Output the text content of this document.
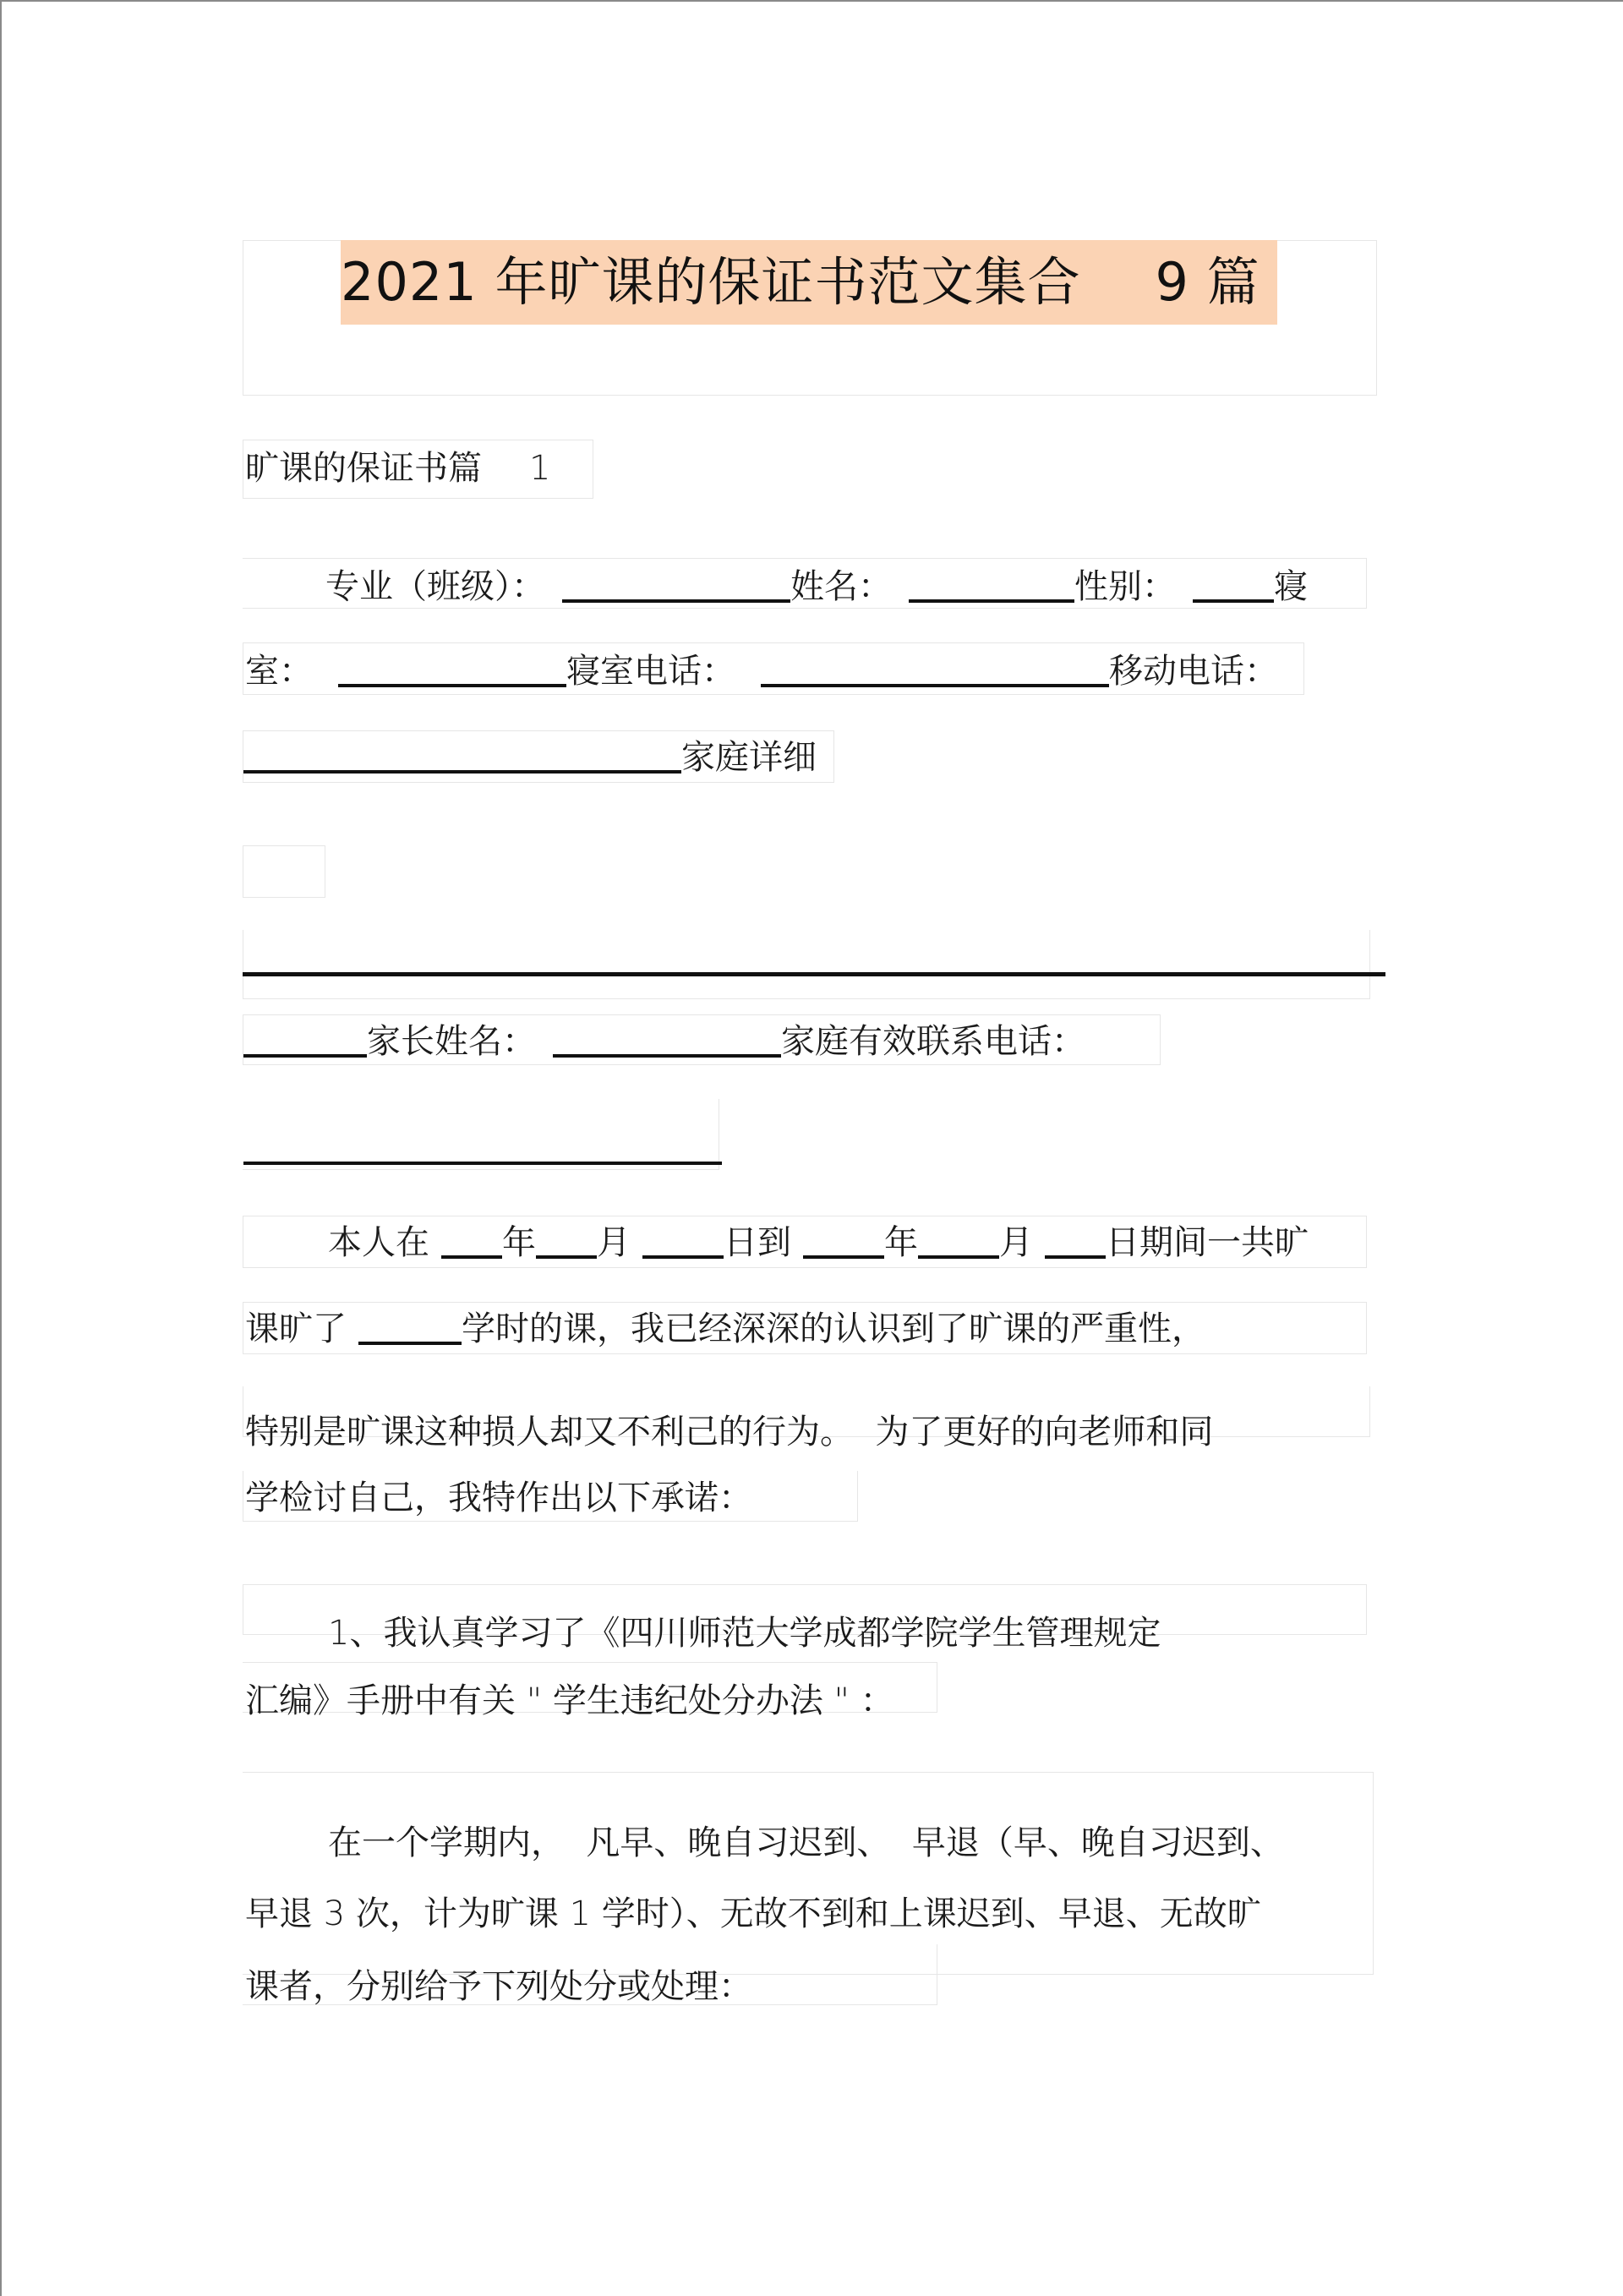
2021 年旷课的保证书范文集合 9 篇
旷课的保证书篇 1
专业（班级）：	姓名：	性别：	寝
室：	寝室电话：	移动电话：
家庭详细
家长姓名：	家庭有效联系电话：
本人在 年 月	日到	年 月 日期间一共旷
课旷了	学时的课，我已经深深的认识到了旷课的严重性，
特别是旷课这种损人却又不利己的行为。  为了更好的向老师和同
学检讨自己，我特作出以下承诺：
1、我认真学习了《四川师范大学成都学院学生管理规定
汇编》手册中有关 " 学生违纪处分办法 " ：
在一个学期内，  凡早、晚自习迟到、  早退（早、晚自习迟到、
早退 3 次，计为旷课 1 学时）、无故不到和上课迟到、早退、无故旷
课者，分别给予下列处分或处理：
